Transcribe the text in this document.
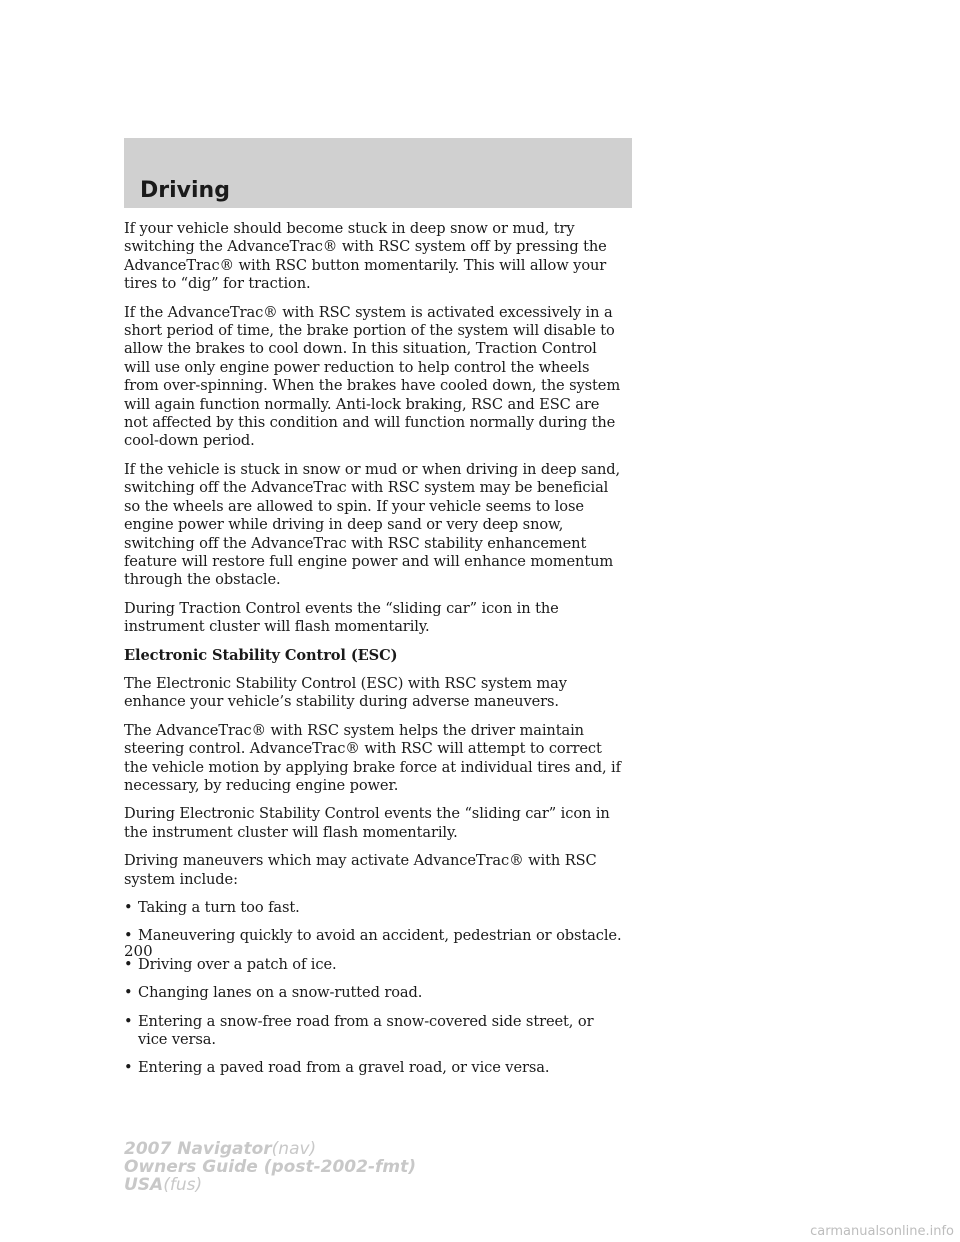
Driving

If your vehicle should become stuck in deep snow or mud, try switching the AdvanceTrac® with RSC system off by pressing the AdvanceTrac® with RSC button momentarily. This will allow your tires to “dig” for traction.

If the AdvanceTrac® with RSC system is activated excessively in a short period of time, the brake portion of the system will disable to allow the brakes to cool down. In this situation, Traction Control will use only engine power reduction to help control the wheels from over-spinning. When the brakes have cooled down, the system will again function normally. Anti-lock braking, RSC and ESC are not affected by this condition and will function normally during the cool-down period.

If the vehicle is stuck in snow or mud or when driving in deep sand, switching off the AdvanceTrac with RSC system may be beneficial so the wheels are allowed to spin. If your vehicle seems to lose engine power while driving in deep sand or very deep snow, switching off the AdvanceTrac with RSC stability enhancement feature will restore full engine power and will enhance momentum through the obstacle.

During Traction Control events the “sliding car” icon in the instrument cluster will flash momentarily.

Electronic Stability Control (ESC)

The Electronic Stability Control (ESC) with RSC system may enhance your vehicle’s stability during adverse maneuvers.

The AdvanceTrac® with RSC system helps the driver maintain steering control. AdvanceTrac® with RSC will attempt to correct the vehicle motion by applying brake force at individual tires and, if necessary, by reducing engine power.

During Electronic Stability Control events the “sliding car” icon in the instrument cluster will flash momentarily.

Driving maneuvers which may activate AdvanceTrac® with RSC system include:

• Taking a turn too fast.
• Maneuvering quickly to avoid an accident, pedestrian or obstacle.
• Driving over a patch of ice.
• Changing lanes on a snow-rutted road.
• Entering a snow-free road from a snow-covered side street, or vice versa.
• Entering a paved road from a gravel road, or vice versa.
200
2007 Navigator(nav)
Owners Guide (post-2002-fmt)
USA(fus)
carmanualsonline.info
